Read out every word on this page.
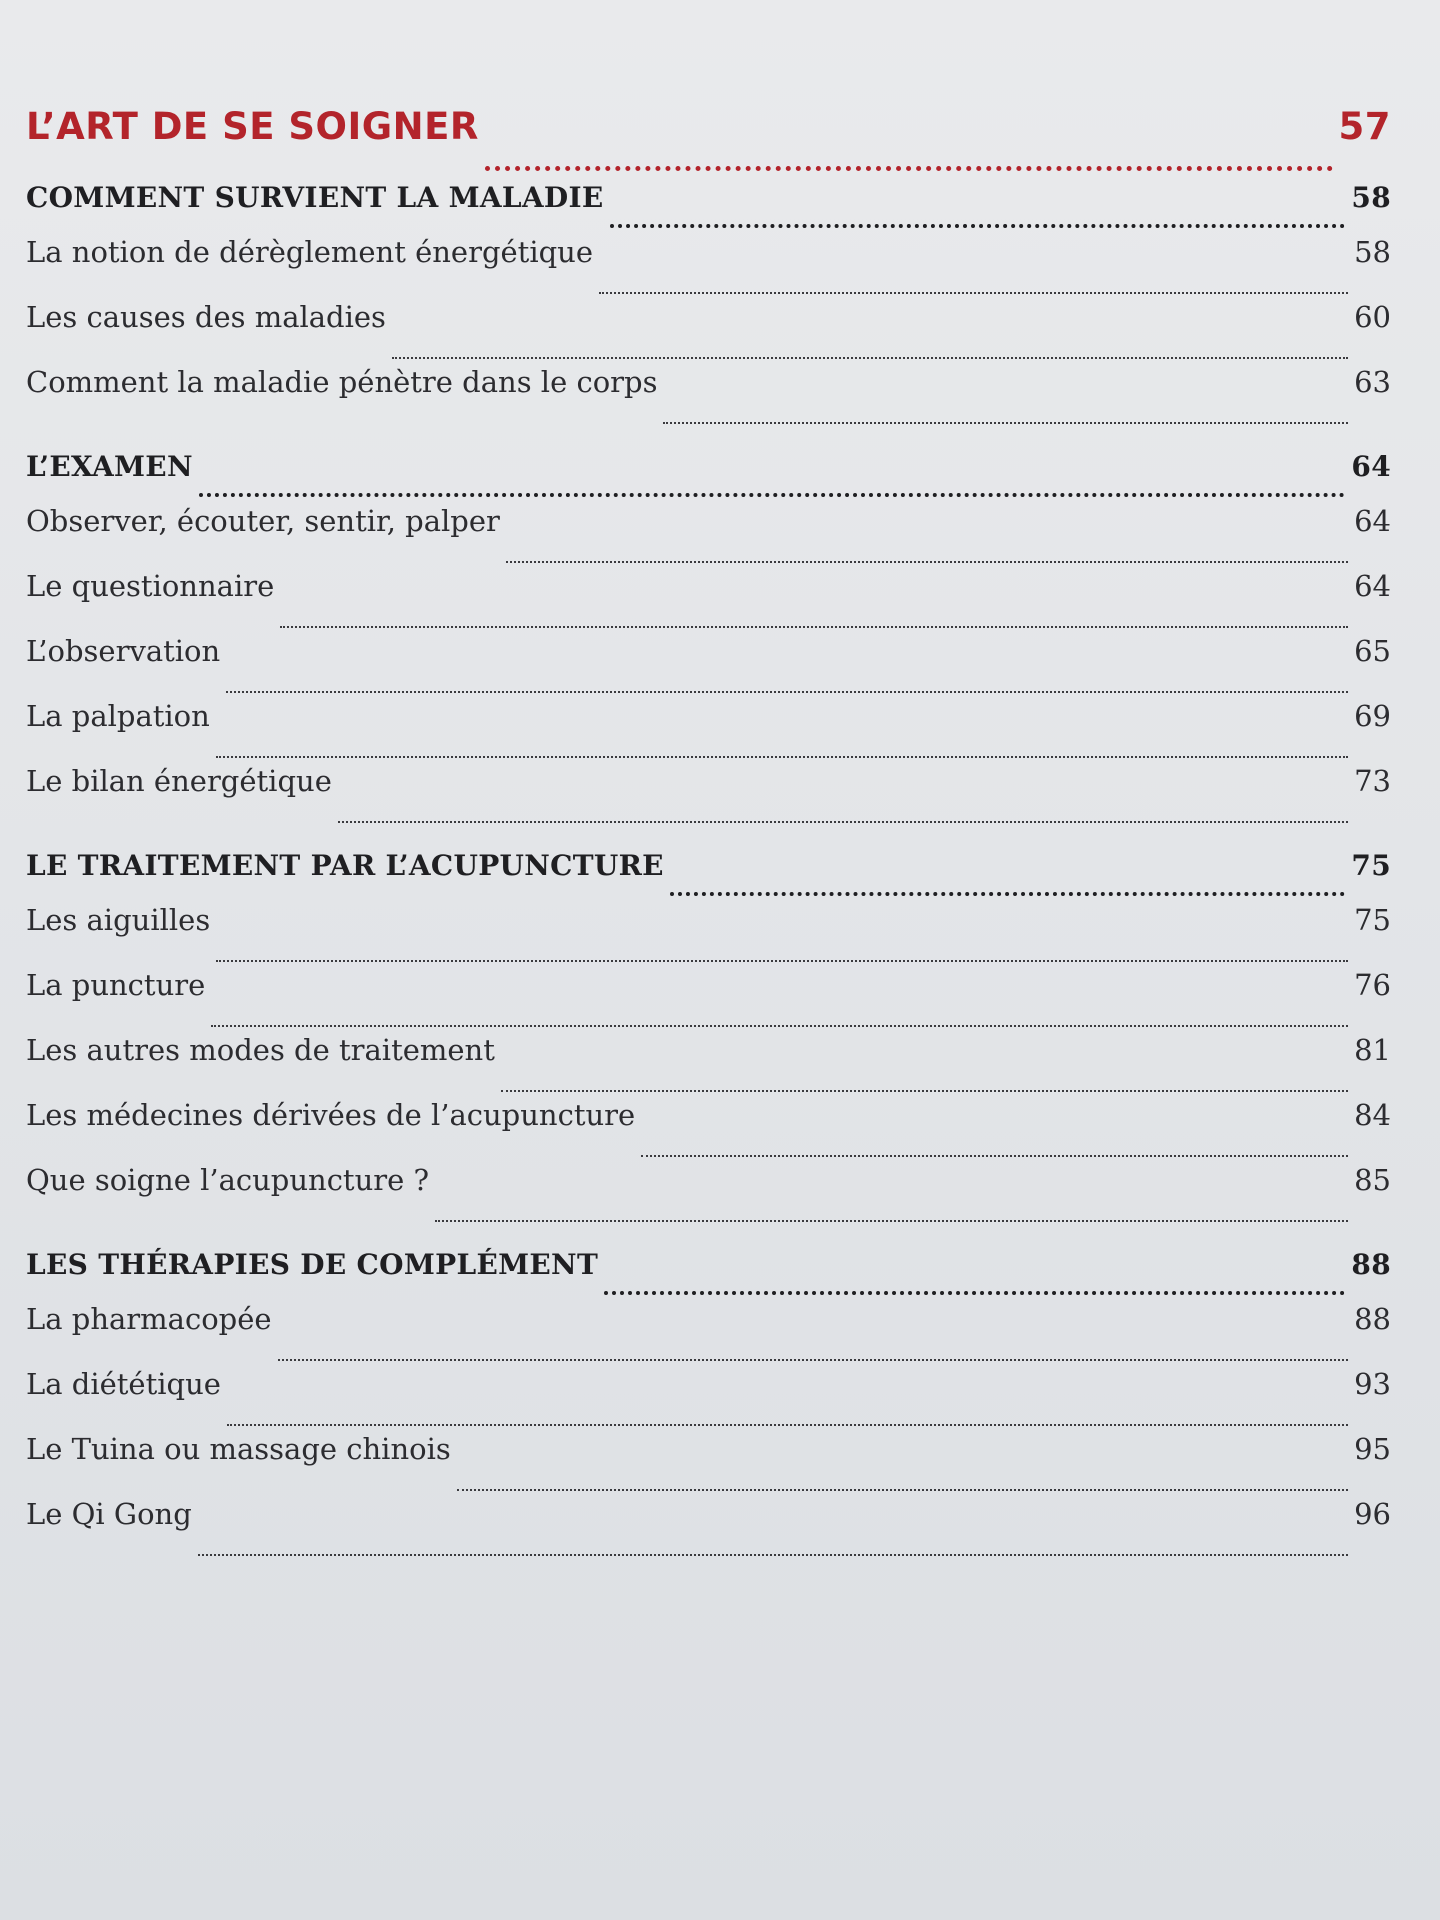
L’ART DE SE SOIGNER	57
COMMENT SURVIENT LA MALADIE	58
La notion de dérèglement énergétique	58
Les causes des maladies	60
Comment la maladie pénètre dans le corps	63
L’EXAMEN	64
Observer, écouter, sentir, palper	64
Le questionnaire	64
L’observation	65
La palpation	69
Le bilan énergétique	73
LE TRAITEMENT PAR L’ACUPUNCTURE	75
Les aiguilles	75
La puncture	76
Les autres modes de traitement	81
Les médecines dérivées de l’acupuncture	84
Que soigne l’acupuncture ?	85
LES THÉRAPIES DE COMPLÉMENT	88
La pharmacopée	88
La diététique	93
Le Tuina ou massage chinois	95
Le Qi Gong	96
